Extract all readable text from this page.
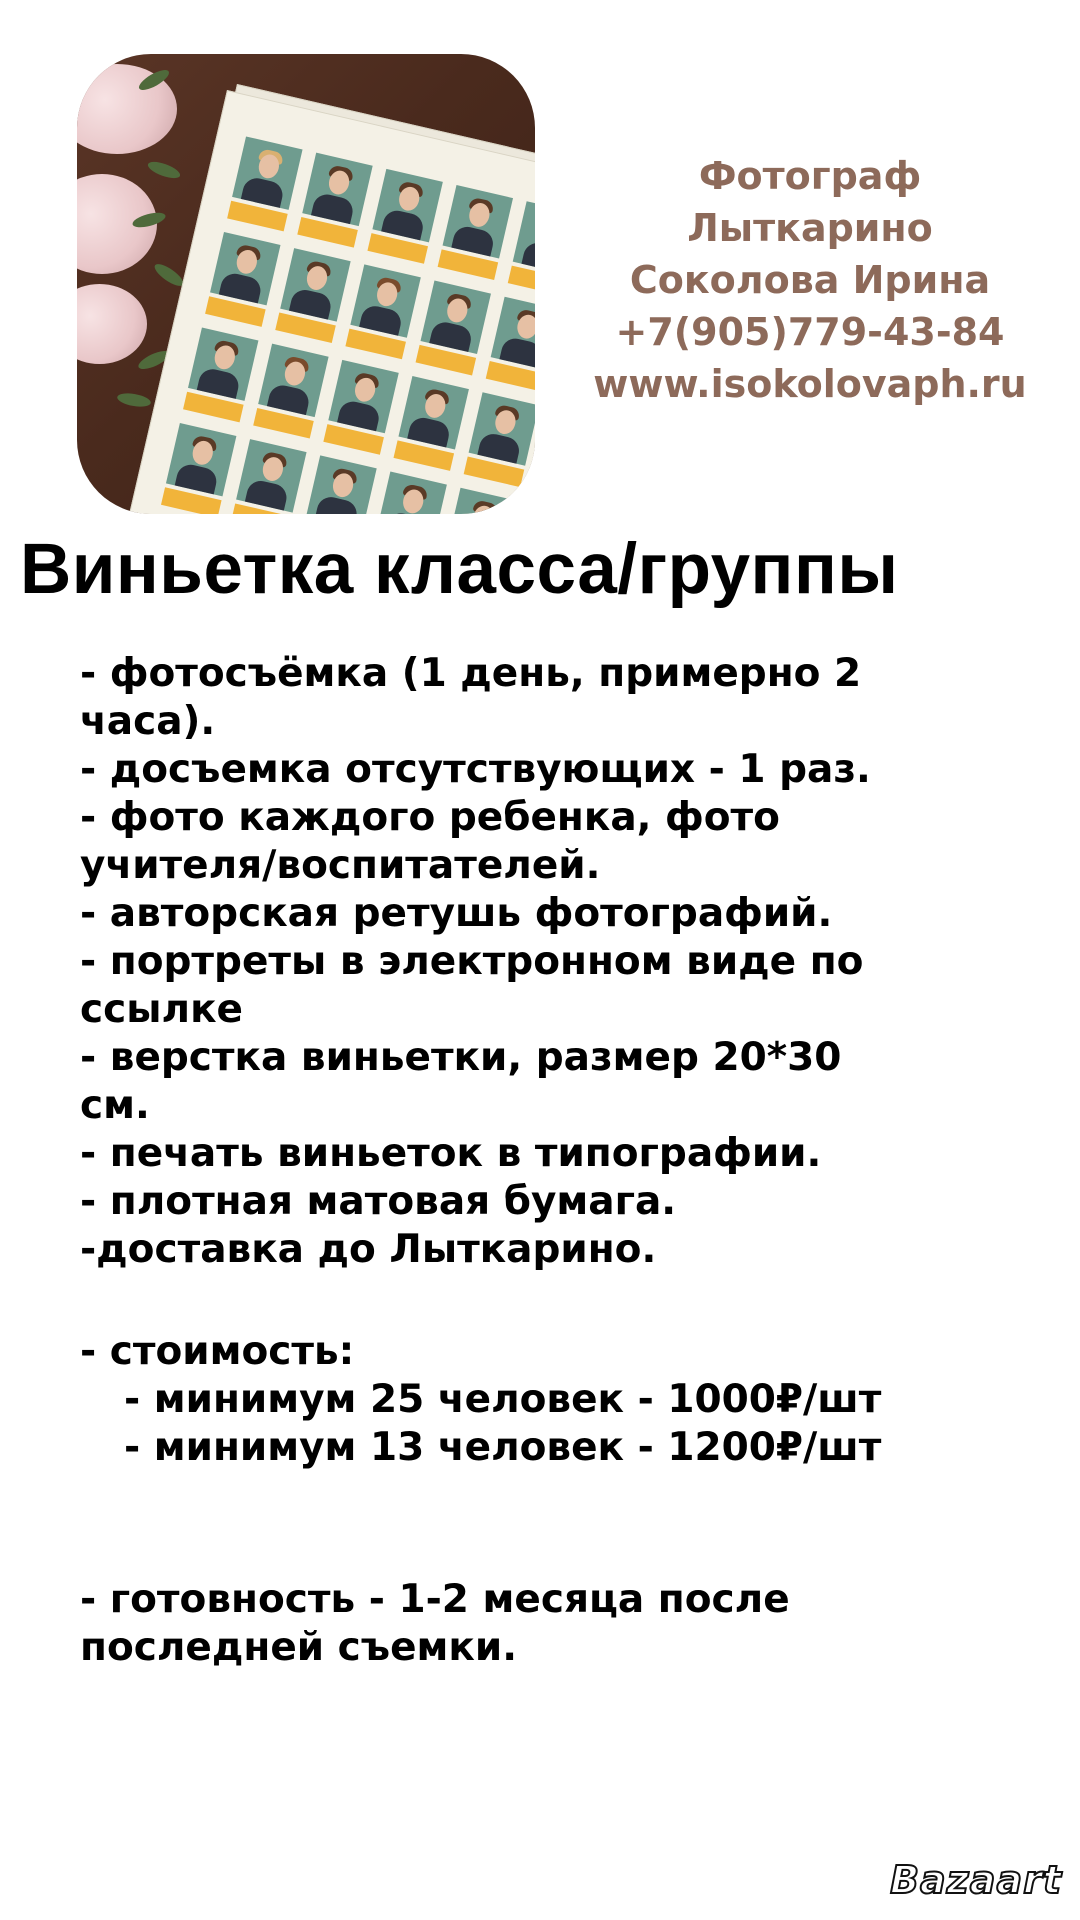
Фотограф
Лыткарино
Соколова Ирина
+7(905)779-43-84
www.isokolovaph.ru
Виньетка класса/группы
- фотосъёмка (1 день, примерно 2
часа).
- досъемка отсутствующих - 1 раз.
- фото каждого ребенка, фото
учителя/воспитателей.
- авторская ретушь фотографий.
- портреты в электронном виде по
ссылке
- верстка виньетки, размер 20*30
см.
- печать виньеток в типографии.
- плотная матовая бумага.
-доставка до Лыткарино.
- стоимость:
- минимум 25 человек - 1000₽/шт
- минимум 13 человек - 1200₽/шт
- готовность - 1-2 месяца после
последней съемки.
Bazaart
